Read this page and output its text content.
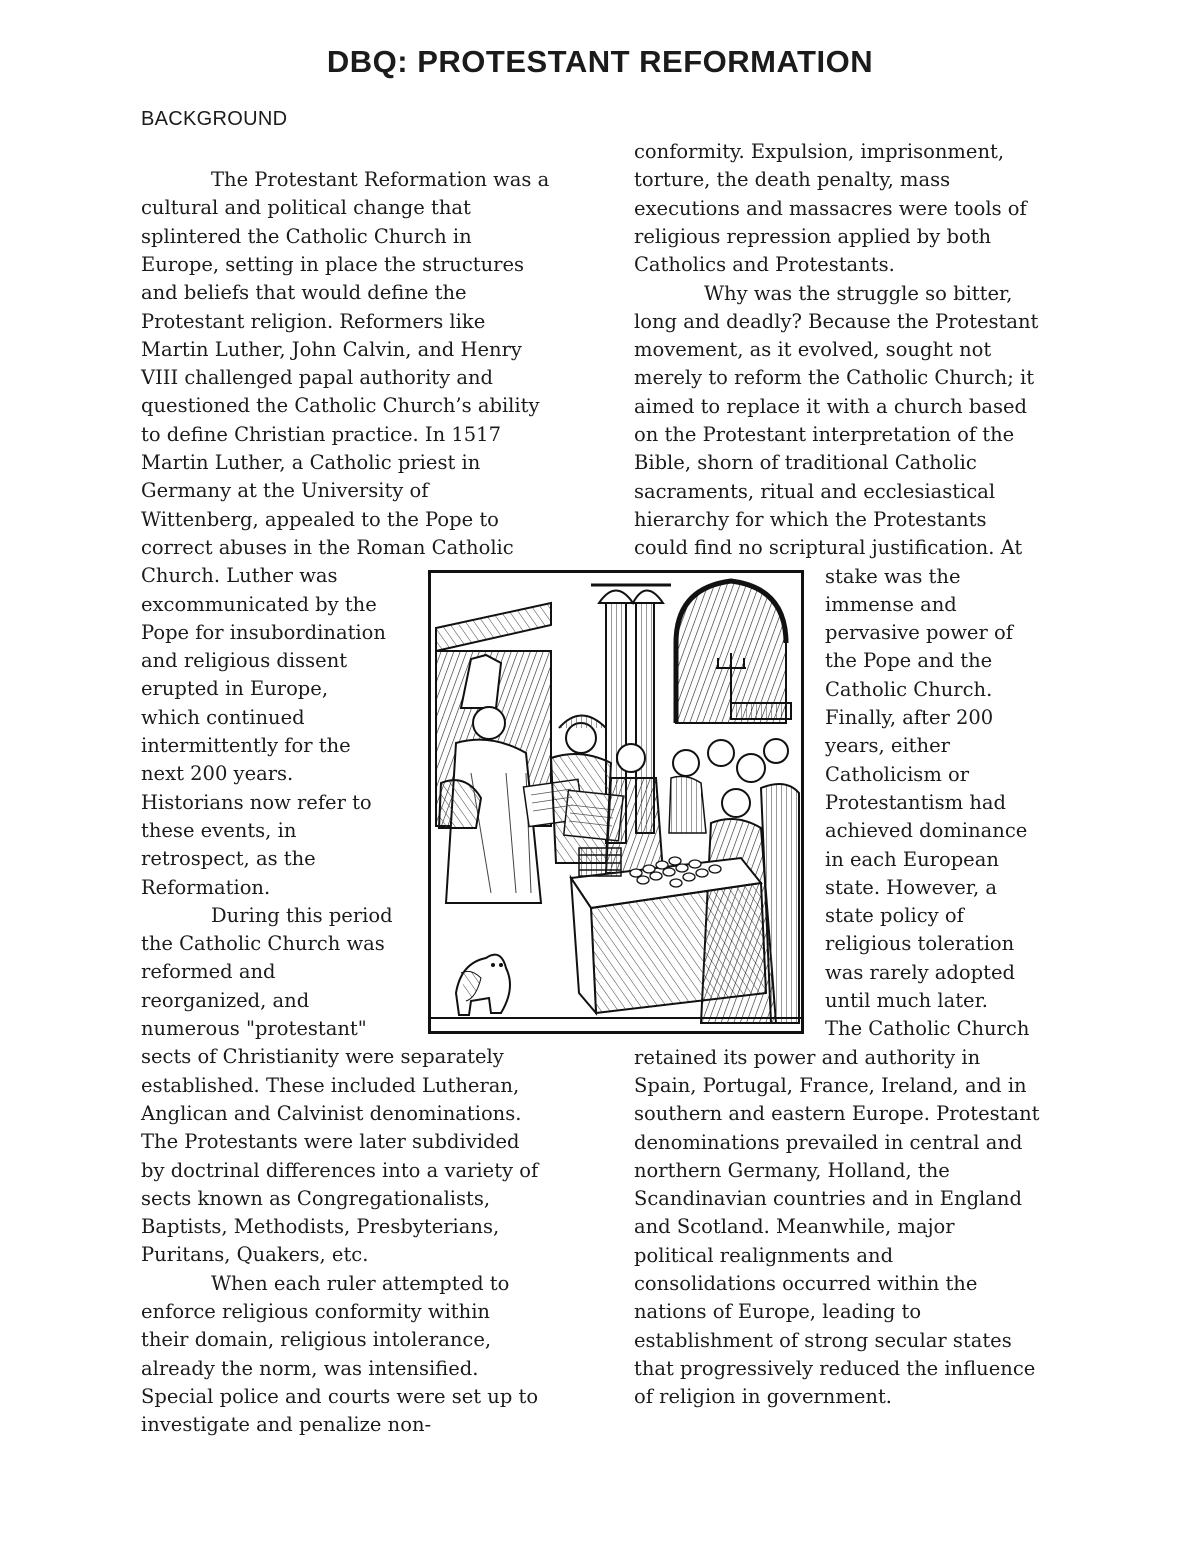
DBQ: PROTESTANT REFORMATION
BACKGROUND
The Protestant Reformation was a
cultural and political change that
splintered the Catholic Church in
Europe, setting in place the structures
and beliefs that would define the
Protestant religion. Reformers like
Martin Luther, John Calvin, and Henry
VIII challenged papal authority and
questioned the Catholic Church’s ability
to define Christian practice. In 1517
Martin Luther, a Catholic priest in
Germany at the University of
Wittenberg, appealed to the Pope to
correct abuses in the Roman Catholic
Church. Luther was
excommunicated by the
Pope for insubordination
and religious dissent
erupted in Europe,
which continued
intermittently for the
next 200 years.
Historians now refer to
these events, in
retrospect, as the
Reformation.
During this period
the Catholic Church was
reformed and
reorganized, and
numerous "protestant"
sects of Christianity were separately
established. These included Lutheran,
Anglican and Calvinist denominations.
The Protestants were later subdivided
by doctrinal differences into a variety of
sects known as Congregationalists,
Baptists, Methodists, Presbyterians,
Puritans, Quakers, etc.
When each ruler attempted to
enforce religious conformity within
their domain, religious intolerance,
already the norm, was intensified.
Special police and courts were set up to
investigate and penalize non-
conformity. Expulsion, imprisonment,
torture, the death penalty, mass
executions and massacres were tools of
religious repression applied by both
Catholics and Protestants.
Why was the struggle so bitter,
long and deadly? Because the Protestant
movement, as it evolved, sought not
merely to reform the Catholic Church; it
aimed to replace it with a church based
on the Protestant interpretation of the
Bible, shorn of traditional Catholic
sacraments, ritual and ecclesiastical
hierarchy for which the Protestants
could find no scriptural justification. At
stake was the
immense and
pervasive power of
the Pope and the
Catholic Church.
Finally, after 200
years, either
Catholicism or
Protestantism had
achieved dominance
in each European
state. However, a
state policy of
religious toleration
was rarely adopted
until much later.
The Catholic Church
retained its power and authority in
Spain, Portugal, France, Ireland, and in
southern and eastern Europe. Protestant
denominations prevailed in central and
northern Germany, Holland, the
Scandinavian countries and in England
and Scotland. Meanwhile, major
political realignments and
consolidations occurred within the
nations of Europe, leading to
establishment of strong secular states
that progressively reduced the influence
of religion in government.
